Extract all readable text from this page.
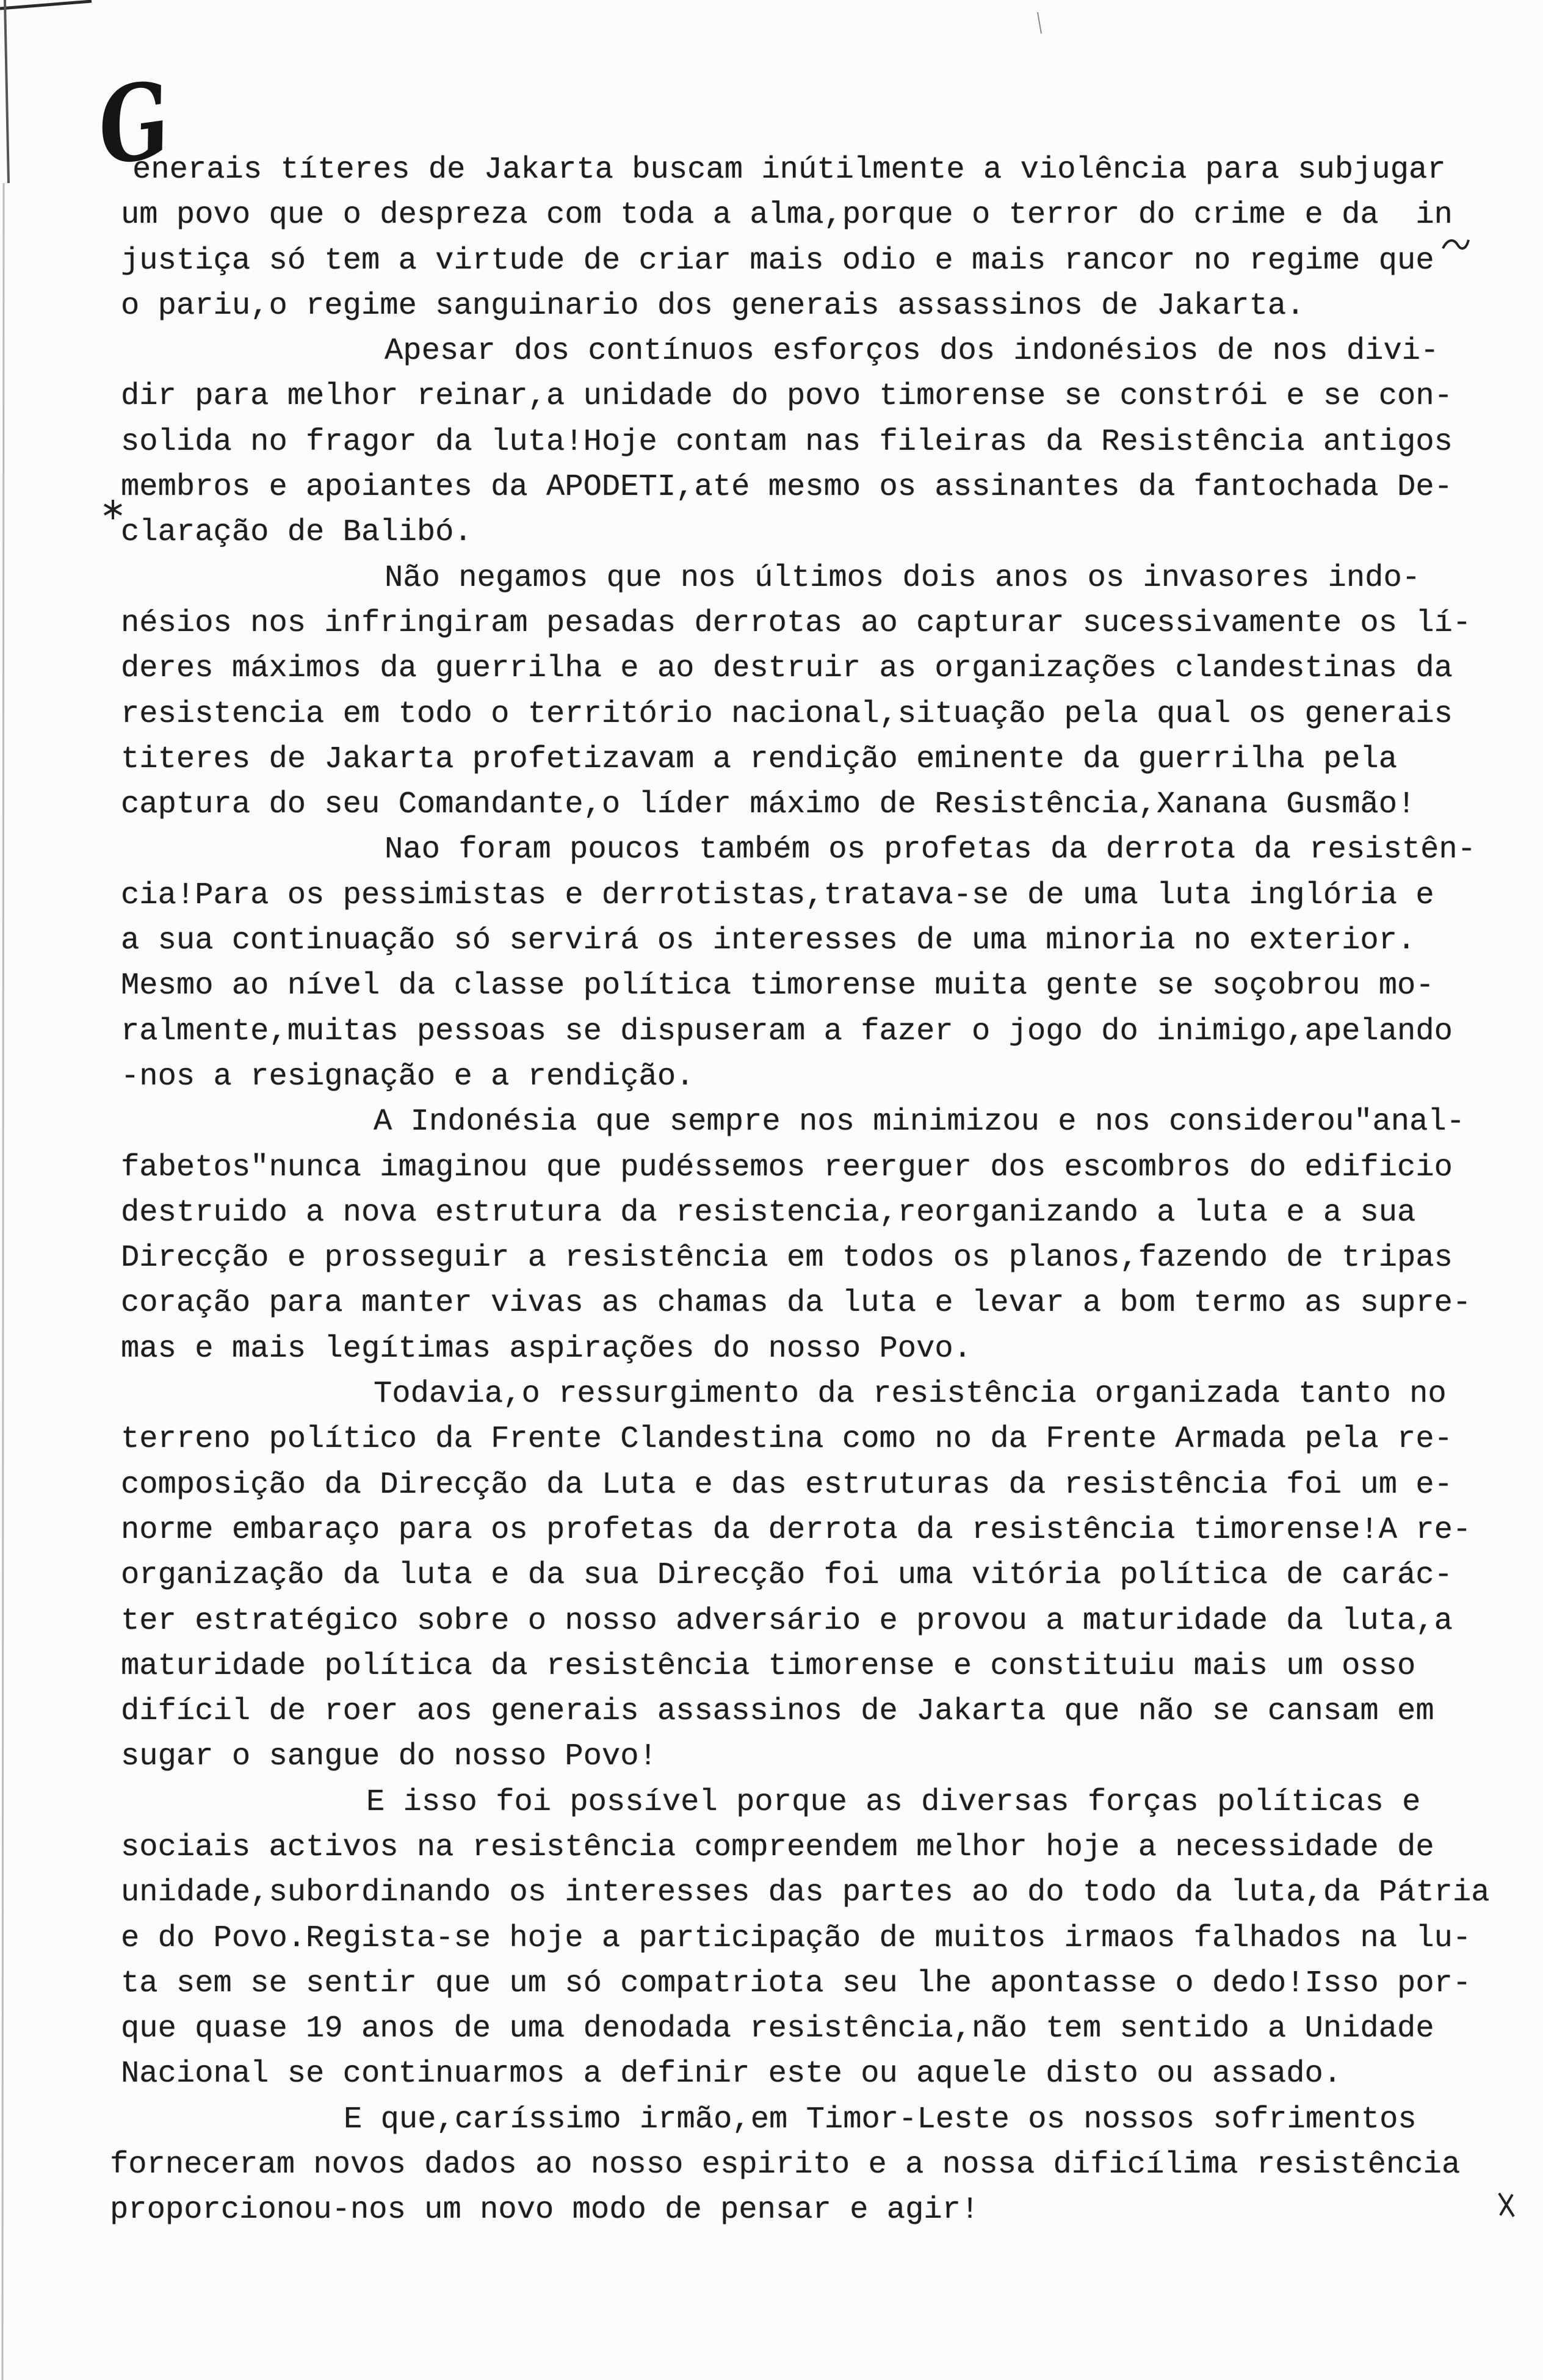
G
enerais títeres de Jakarta buscam inútilmente a violência para subjugar
um povo que o despreza com toda a alma,porque o terror do crime e da  in
justiça só tem a virtude de criar mais odio e mais rancor no regime que
o pariu,o regime sanguinario dos generais assassinos de Jakarta.
Apesar dos contínuos esforços dos indonésios de nos divi-
dir para melhor reinar,a unidade do povo timorense se constrói e se con-
solida no fragor da luta!Hoje contam nas fileiras da Resistência antigos
membros e apoiantes da APODETI,até mesmo os assinantes da fantochada De-
claração de Balibó.
Não negamos que nos últimos dois anos os invasores indo-
nésios nos infringiram pesadas derrotas ao capturar sucessivamente os lí-
deres máximos da guerrilha e ao destruir as organizações clandestinas da
resistencia em todo o território nacional,situação pela qual os generais
titeres de Jakarta profetizavam a rendição eminente da guerrilha pela
captura do seu Comandante,o líder máximo de Resistência,Xanana Gusmão!
Nao foram poucos também os profetas da derrota da resistên-
cia!Para os pessimistas e derrotistas,tratava-se de uma luta inglória e
a sua continuação só servirá os interesses de uma minoria no exterior.
Mesmo ao nível da classe política timorense muita gente se soçobrou mo-
ralmente,muitas pessoas se dispuseram a fazer o jogo do inimigo,apelando
-nos a resignação e a rendição.
A Indonésia que sempre nos minimizou e nos considerou"anal-
fabetos"nunca imaginou que pudéssemos reerguer dos escombros do edificio
destruido a nova estrutura da resistencia,reorganizando a luta e a sua
Direcção e prosseguir a resistência em todos os planos,fazendo de tripas
coração para manter vivas as chamas da luta e levar a bom termo as supre-
mas e mais legítimas aspirações do nosso Povo.
Todavia,o ressurgimento da resistência organizada tanto no
terreno político da Frente Clandestina como no da Frente Armada pela re-
composição da Direcção da Luta e das estruturas da resistência foi um e-
norme embaraço para os profetas da derrota da resistência timorense!A re-
organização da luta e da sua Direcção foi uma vitória política de carác-
ter estratégico sobre o nosso adversário e provou a maturidade da luta,a
maturidade política da resistência timorense e constituiu mais um osso
difícil de roer aos generais assassinos de Jakarta que não se cansam em
sugar o sangue do nosso Povo!
E isso foi possível porque as diversas forças políticas e
sociais activos na resistência compreendem melhor hoje a necessidade de
unidade,subordinando os interesses das partes ao do todo da luta,da Pátria
e do Povo.Regista-se hoje a participação de muitos irmaos falhados na lu-
ta sem se sentir que um só compatriota seu lhe apontasse o dedo!Isso por-
que quase 19 anos de uma denodada resistência,não tem sentido a Unidade
Nacional se continuarmos a definir este ou aquele disto ou assado.
E que,caríssimo irmão,em Timor-Leste os nossos sofrimentos
forneceram novos dados ao nosso espirito e a nossa dificílima resistência
proporcionou-nos um novo modo de pensar e agir!
